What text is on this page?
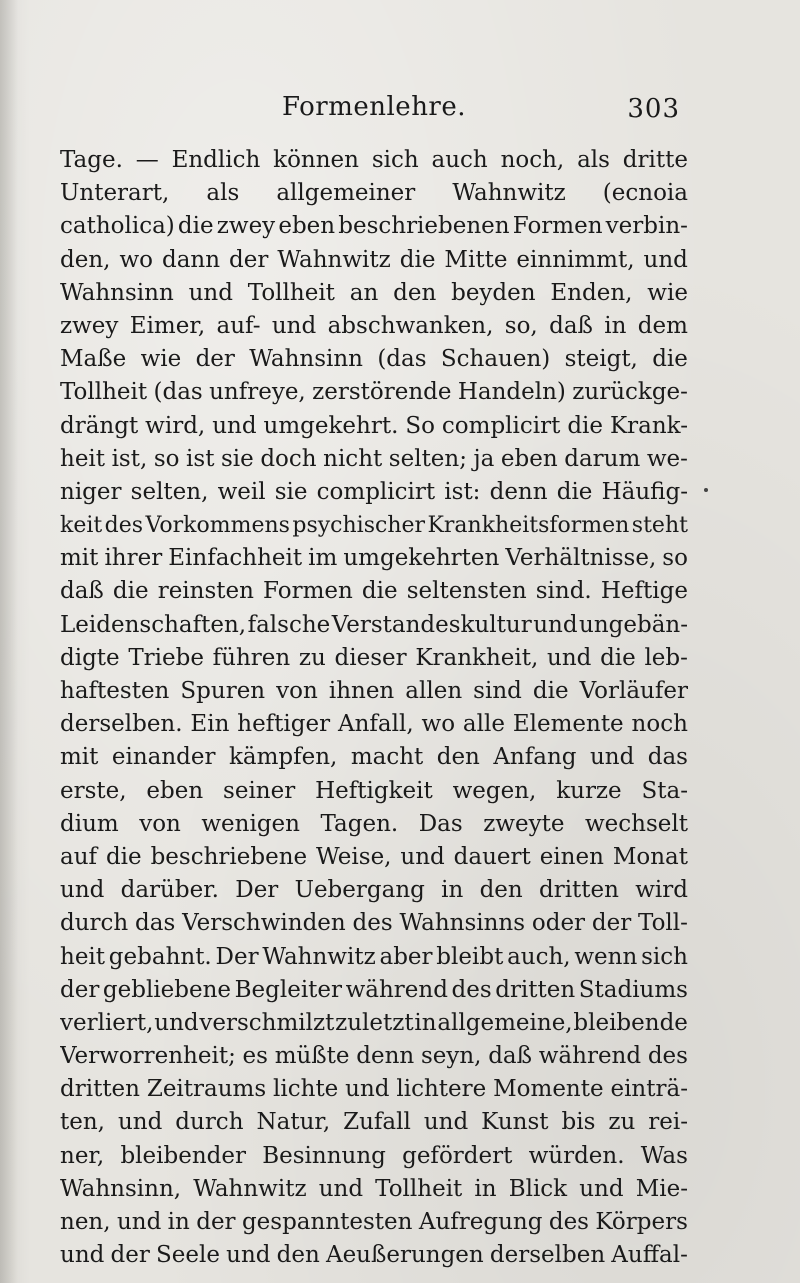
Formenlehre.	303
Tage. — Endlich können sich auch noch, als dritte
Unterart, als allgemeiner Wahnwitz (ecnoia
catholica) die zwey eben beschriebenen Formen verbin-
den, wo dann der Wahnwitz die Mitte einnimmt, und
Wahnsinn und Tollheit an den beyden Enden, wie
zwey Eimer, auf- und abschwanken, so, daß in dem
Maße wie der Wahnsinn (das Schauen) steigt, die
Tollheit (das unfreye, zerstörende Handeln) zurückge-
drängt wird, und umgekehrt. So complicirt die Krank-
heit ist, so ist sie doch nicht selten; ja eben darum we-
niger selten, weil sie complicirt ist: denn die Häufig-
keit des Vorkommens psychischer Krankheitsformen steht
mit ihrer Einfachheit im umgekehrten Verhältnisse, so
daß die reinsten Formen die seltensten sind. Heftige
Leidenschaften, falsche Verstandeskultur und ungebän-
digte Triebe führen zu dieser Krankheit, und die leb-
haftesten Spuren von ihnen allen sind die Vorläufer
derselben. Ein heftiger Anfall, wo alle Elemente noch
mit einander kämpfen, macht den Anfang und das
erste, eben seiner Heftigkeit wegen, kurze Sta-
dium von wenigen Tagen. Das zweyte wechselt
auf die beschriebene Weise, und dauert einen Monat
und darüber. Der Uebergang in den dritten wird
durch das Verschwinden des Wahnsinns oder der Toll-
heit gebahnt. Der Wahnwitz aber bleibt auch, wenn sich
der gebliebene Begleiter während des dritten Stadiums
verliert, und verschmilzt zuletzt in allgemeine, bleibende
Verworrenheit; es müßte denn seyn, daß während des
dritten Zeitraums lichte und lichtere Momente einträ-
ten, und durch Natur, Zufall und Kunst bis zu rei-
ner, bleibender Besinnung gefördert würden. Was
Wahnsinn, Wahnwitz und Tollheit in Blick und Mie-
nen, und in der gespanntesten Aufregung des Körpers
und der Seele und den Aeußerungen derselben Auffal-
